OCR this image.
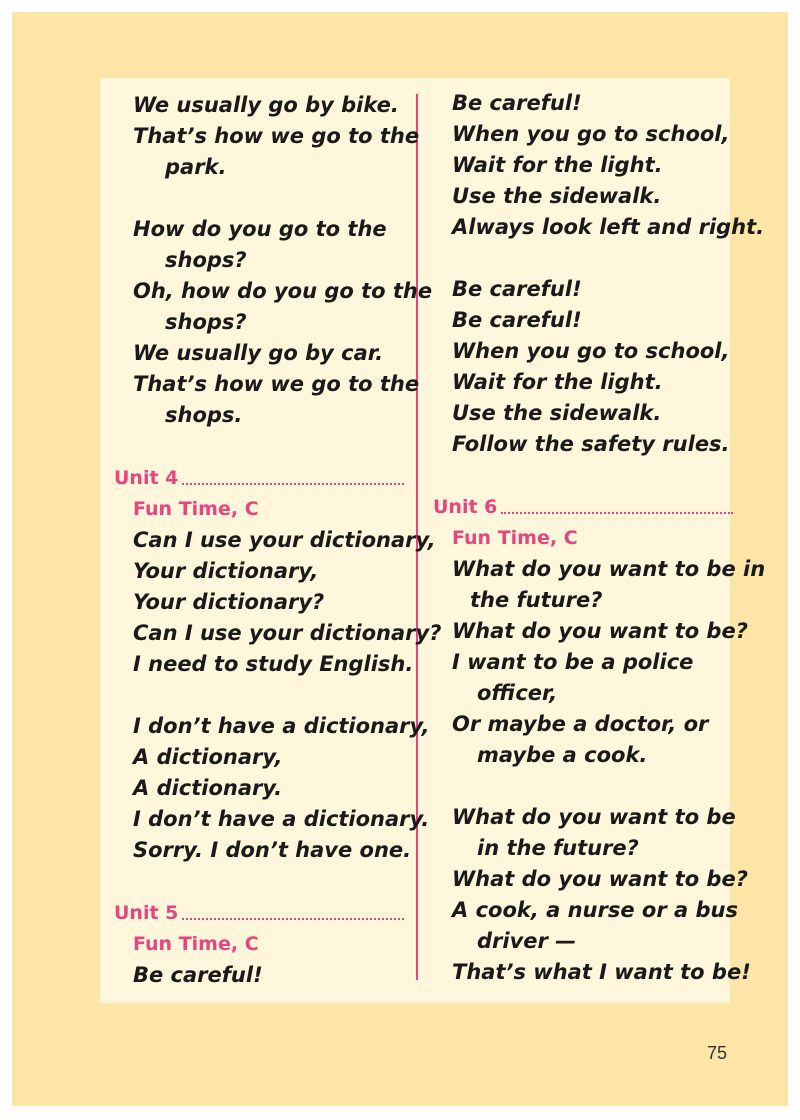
We usually go by bike.
That’s how we go to the
park.
How do you go to the
shops?
Oh, how do you go to the
shops?
We usually go by car.
That’s how we go to the
shops.
Unit 4
Fun Time, C
Can I use your dictionary,
Your dictionary,
Your dictionary?
Can I use your dictionary?
I need to study English.
I don’t have a dictionary,
A dictionary,
A dictionary.
I don’t have a dictionary.
Sorry. I don’t have one.
Unit 5
Fun Time, C
Be careful!
Be careful!
When you go to school,
Wait for the light.
Use the sidewalk.
Always look left and right.
Be careful!
Be careful!
When you go to school,
Wait for the light.
Use the sidewalk.
Follow the safety rules.
Unit 6
Fun Time, C
What do you want to be in
the future?
What do you want to be?
I want to be a police
officer,
Or maybe a doctor, or
maybe a cook.
What do you want to be
in the future?
What do you want to be?
A cook, a nurse or a bus
driver —
That’s what I want to be!
75
